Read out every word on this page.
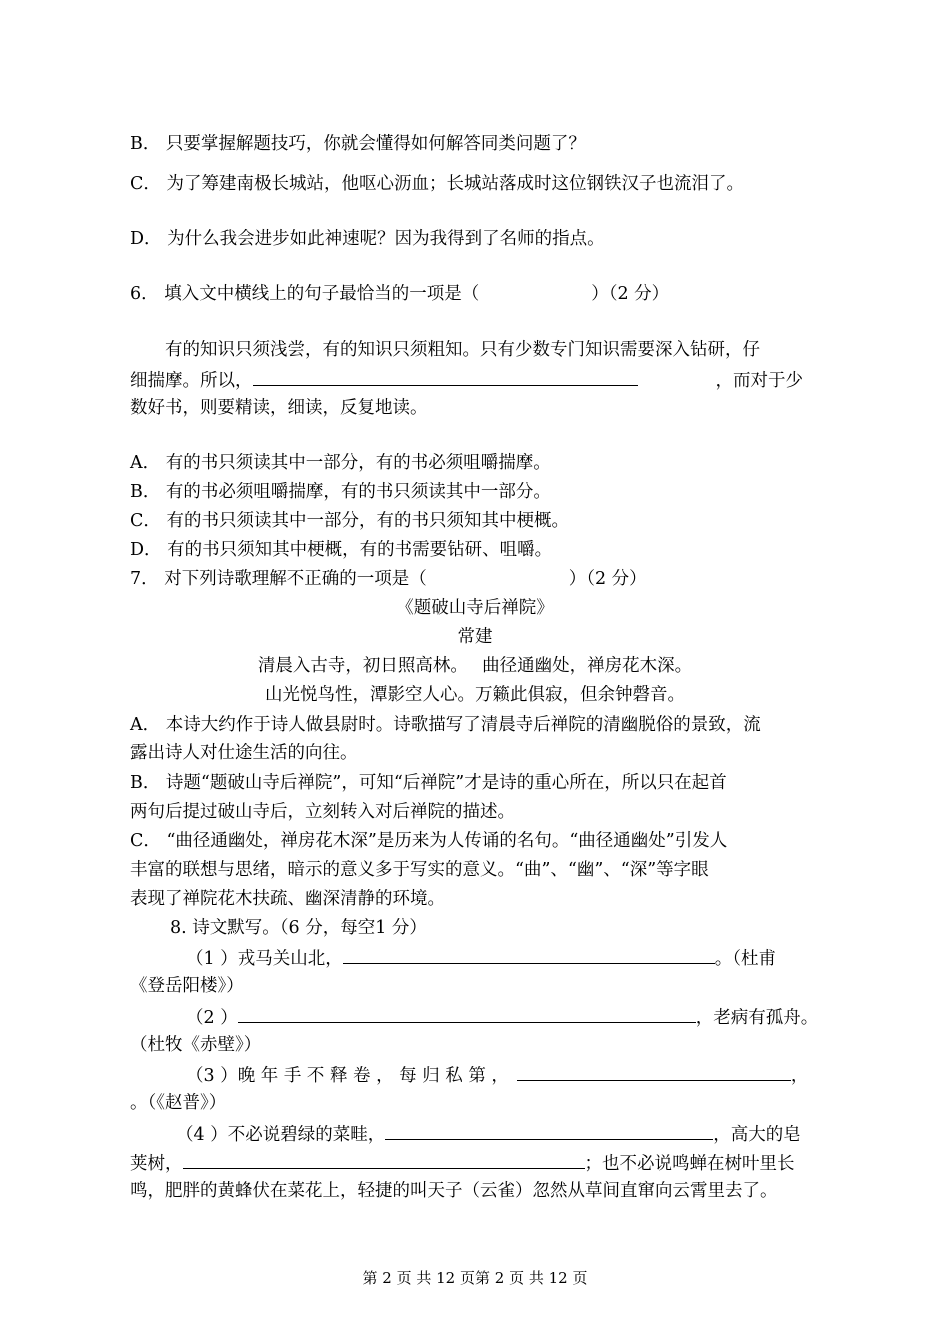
B． 只要掌握解题技巧，你就会懂得如何解答同类问题了？
C． 为了筹建南极长城站，他呕心沥血；长城站落成时这位钢铁汉子也流泪了。
D． 为什么我会进步如此神速呢？因为我得到了名师的指点。
6． 填入文中横线上的句子最恰当的一项是（	）（2 分）
有的知识只须浅尝，有的知识只须粗知。只有少数专门知识需要深入钻研，仔
细揣摩。所以，	，而对于少
数好书，则要精读，细读，反复地读。
A． 有的书只须读其中一部分，有的书必须咀嚼揣摩。
B． 有的书必须咀嚼揣摩，有的书只须读其中一部分。
C． 有的书只须读其中一部分，有的书只须知其中梗概。
D． 有的书只须知其中梗概，有的书需要钻研、咀嚼。
7． 对下列诗歌理解不正确的一项是（	）（2 分）
《题破山寺后禅院》
常建
清晨入古寺，初日照高林。　 曲径通幽处，禅房花木深。
山光悦鸟性，潭影空人心。万籁此俱寂，但余钟磬音。
A． 本诗大约作于诗人做县尉时。诗歌描写了清晨寺后禅院的清幽脱俗的景致，流
露出诗人对仕途生活的向往。
B． 诗题“题破山寺后禅院”，可知“后禅院”才是诗的重心所在，所以只在起首
两句后提过破山寺后，立刻转入对后禅院的描述。
C． “曲径通幽处，禅房花木深”是历来为人传诵的名句。“曲径通幽处”引发人
丰富的联想与思绪，暗示的意义多于写实的意义。“曲”、“幽”、“深”等字眼
表现了禅院花木扶疏、幽深清静的环境。
8. 诗文默写。（6 分，每空1 分）
（1 ）戎马关山北，	。（杜甫
《登岳阳楼》）
（2 ）	，老病有孤舟。
（杜牧《赤壁》）
（3 ）晚 年 手 不 释 卷 ， 每 归 私 第 ，	，
。（《赵普》）
（4 ）不必说碧绿的菜畦，	，高大的皂
荚树，	；也不必说鸣蝉在树叶里长
鸣，肥胖的黄蜂伏在菜花上，轻捷的叫天子（云雀）忽然从草间直窜向云霄里去了。
第 2 页 共 12 页第 2 页 共 12 页
